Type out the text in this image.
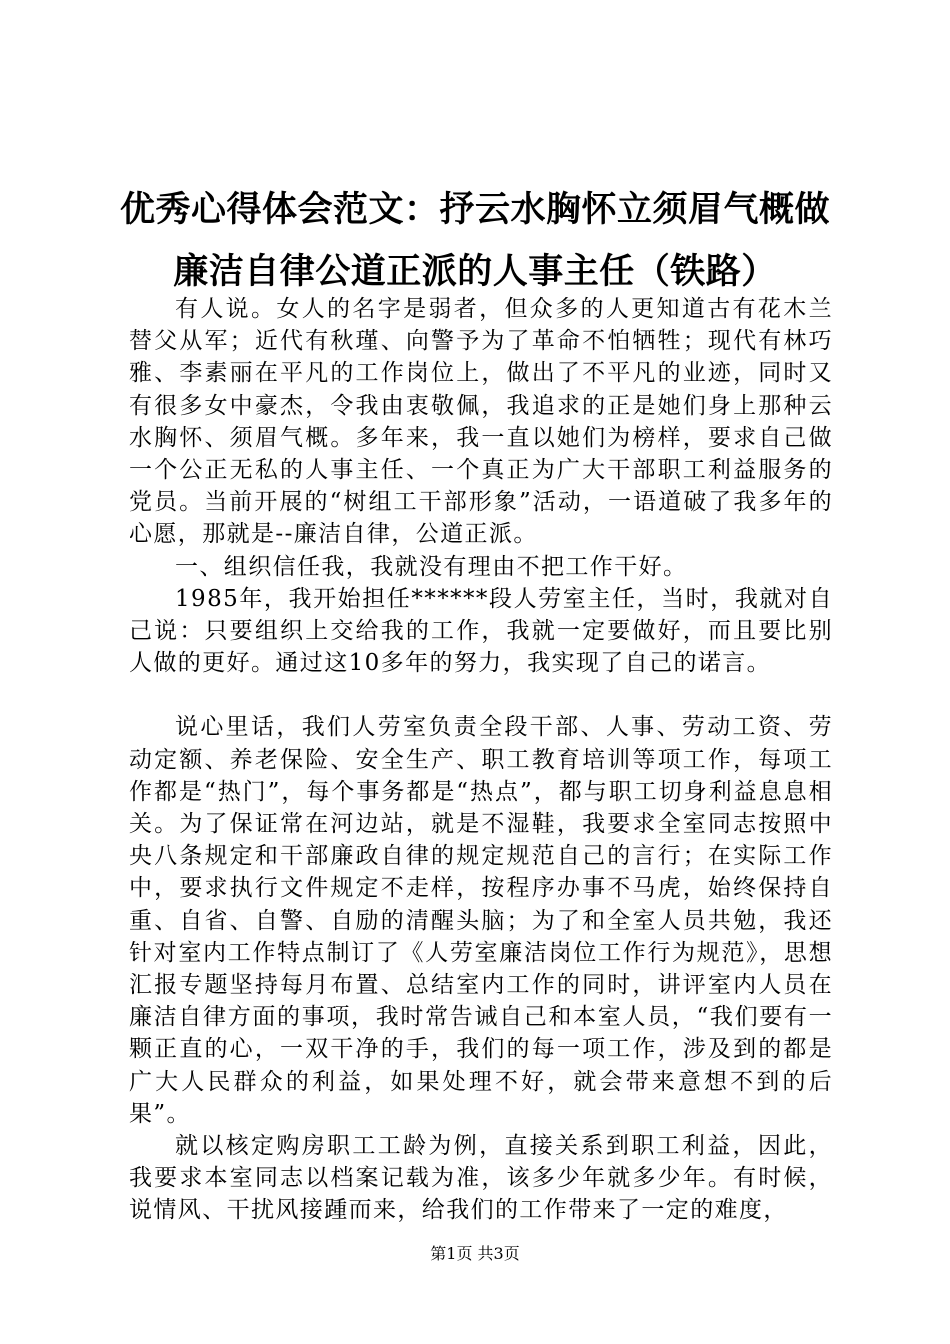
优秀心得体会范文：抒云水胸怀立须眉气概做
廉洁自律公道正派的人事主任（铁路）

有人说。女人的名字是弱者，但众多的人更知道古有花木兰替父从军；近代有秋瑾、向警予为了革命不怕牺牲；现代有林巧雅、李素丽在平凡的工作岗位上，做出了不平凡的业迹，同时又有很多女中豪杰，令我由衷敬佩，我追求的正是她们身上那种云水胸怀、须眉气概。多年来，我一直以她们为榜样，要求自己做一个公正无私的人事主任、一个真正为广大干部职工利益服务的党员。当前开展的“树组工干部形象”活动，一语道破了我多年的心愿，那就是--廉洁自律，公道正派。

一、组织信任我，我就没有理由不把工作干好。

1985年，我开始担任******段人劳室主任，当时，我就对自己说：只要组织上交给我的工作，我就一定要做好，而且要比别人做的更好。通过这10多年的努力，我实现了自己的诺言。

说心里话，我们人劳室负责全段干部、人事、劳动工资、劳动定额、养老保险、安全生产、职工教育培训等项工作，每项工作都是“热门”，每个事务都是“热点”，都与职工切身利益息息相关。为了保证常在河边站，就是不湿鞋，我要求全室同志按照中央八条规定和干部廉政自律的规定规范自己的言行；在实际工作中，要求执行文件规定不走样，按程序办事不马虎，始终保持自重、自省、自警、自励的清醒头脑；为了和全室人员共勉，我还针对室内工作特点制订了《人劳室廉洁岗位工作行为规范》，思想汇报专题坚持每月布置、总结室内工作的同时，讲评室内人员在廉洁自律方面的事项，我时常告诫自己和本室人员，“我们要有一颗正直的心，一双干净的手，我们的每一项工作，涉及到的都是广大人民群众的利益，如果处理不好，就会带来意想不到的后果”。

就以核定购房职工工龄为例，直接关系到职工利益，因此，我要求本室同志以档案记载为准，该多少年就多少年。有时候，说情风、干扰风接踵而来，给我们的工作带来了一定的难度，

第1页 共3页
